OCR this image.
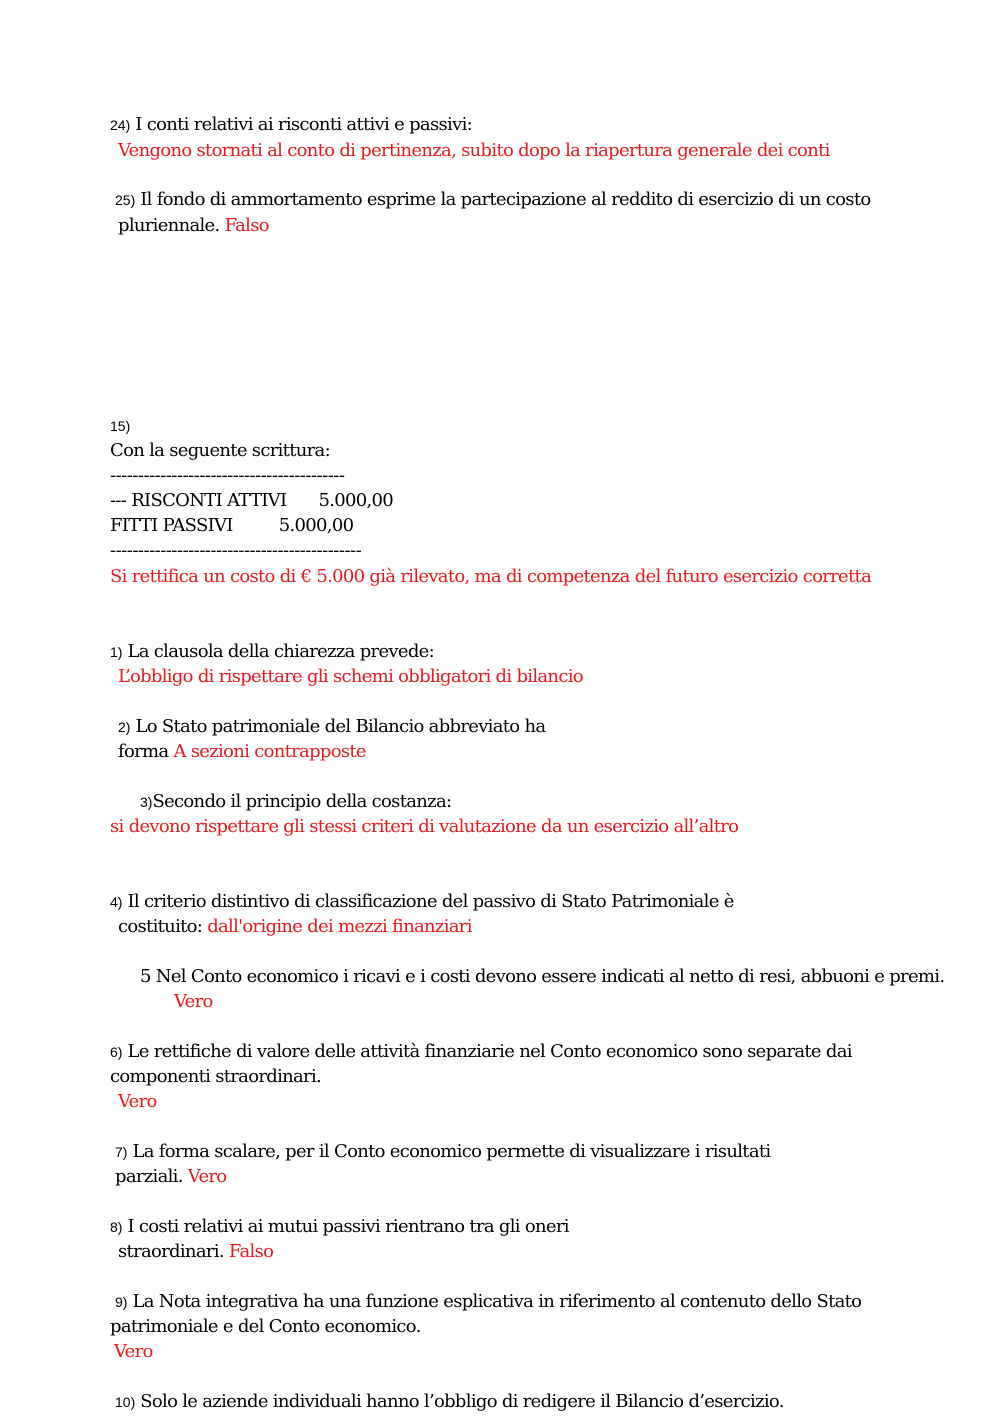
24) I conti relativi ai risconti attivi e passivi:
Vengono stornati al conto di pertinenza, subito dopo la riapertura generale dei conti
25) Il fondo di ammortamento esprime la partecipazione al reddito di esercizio di un costo
pluriennale. Falso
15)
Con la seguente scrittura:
------------------------------------------
--- RISCONTI ATTIVI 5.000,00
FITTI PASSIVI	5.000,00
---------------------------------------------
Si rettifica un costo di € 5.000 già rilevato, ma di competenza del futuro esercizio corretta
1) La clausola della chiarezza prevede:
L’obbligo di rispettare gli schemi obbligatori di bilancio
2) Lo Stato patrimoniale del Bilancio abbreviato ha
forma A sezioni contrapposte
3)Secondo il principio della costanza:
si devono rispettare gli stessi criteri di valutazione da un esercizio all’altro
4) Il criterio distintivo di classificazione del passivo di Stato Patrimoniale è
costituito: dall'origine dei mezzi finanziari
5 Nel Conto economico i ricavi e i costi devono essere indicati al netto di resi, abbuoni e premi.
Vero
6) Le rettifiche di valore delle attività finanziarie nel Conto economico sono separate dai
componenti straordinari.
Vero
7) La forma scalare, per il Conto economico permette di visualizzare i risultati
parziali. Vero
8) I costi relativi ai mutui passivi rientrano tra gli oneri
straordinari. Falso
9) La Nota integrativa ha una funzione esplicativa in riferimento al contenuto dello Stato
patrimoniale e del Conto economico.
Vero
10) Solo le aziende individuali hanno l’obbligo di redigere il Bilancio d’esercizio.
